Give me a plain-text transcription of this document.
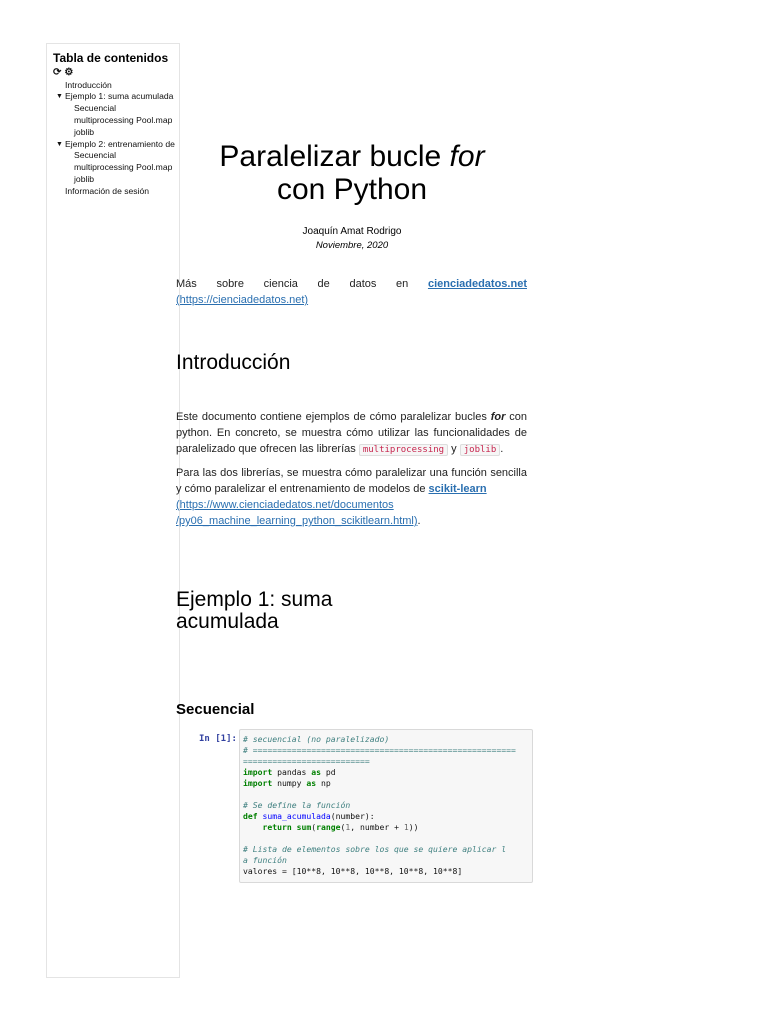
Tabla de contenidos
⟳ ⚙
Introducción
▼ Ejemplo 1: suma acumulada
Secuencial
multiprocessing Pool.map
joblib
▼ Ejemplo 2: entrenamiento de
Secuencial
multiprocessing Pool.map
joblib
Información de sesión
Paralelizar bucle for
con Python
Joaquín Amat Rodrigo
Noviembre, 2020
Más sobre ciencia de datos en cienciadedatos.net
(https://cienciadedatos.net)
Introducción
Este documento contiene ejemplos de cómo paralelizar bucles for con python. En concreto, se muestra cómo utilizar las funcionalidades de paralelizado que ofrecen las librerías multiprocessing y joblib .
Para las dos librerías, se muestra cómo paralelizar una función sencilla y cómo paralelizar el entrenamiento de modelos de scikit-learn
(https://www.cienciadedatos.net/documentos
/py06_machine_learning_python_scikitlearn.html).
Ejemplo 1: suma
acumulada
Secuencial
In [1]: # secuencial (no paralelizado)
# ======================================================
==========================
import pandas as pd
import numpy as np
# Se define la función
def suma_acumulada(number):
return sum(range(1, number + 1))
# Lista de elementos sobre los que se quiere aplicar l
a función
valores = [10**8, 10**8, 10**8, 10**8, 10**8]
